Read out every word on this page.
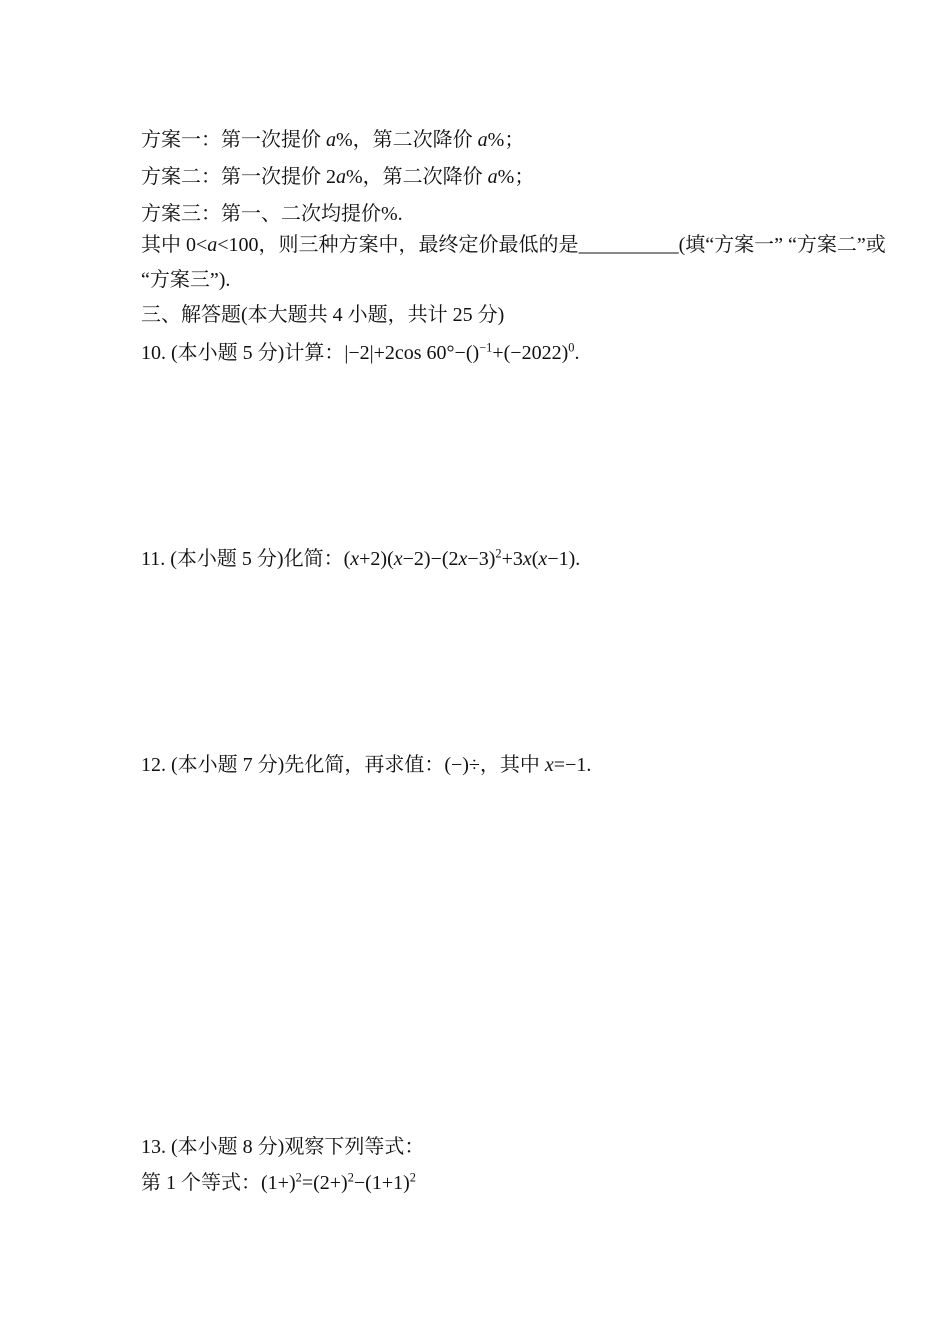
方案一：第一次提价 a%，第二次降价 a%；
方案二：第一次提价 2a%，第二次降价 a%；
方案三：第一、二次均提价%.
其中 0<a<100，则三种方案中，最终定价最低的是__________(填“方案一” “方案二”或
“方案三”).
三、解答题(本大题共 4 小题，共计 25 分)
10. (本小题 5 分)计算：|−2|+2cos $60^\circ-()^{-1}+(-2022)^0$.
11. (本小题 5 分)化简：$(x+2)(x-2)-(2x-3)^2+3x(x-1)$.
12. (本小题 7 分)先化简，再求值：(−)÷，其中 x=−1.
13. (本小题 8 分)观察下列等式：
第 1 个等式：$(1+)^2=(2+)^2-(1+1)^2$
